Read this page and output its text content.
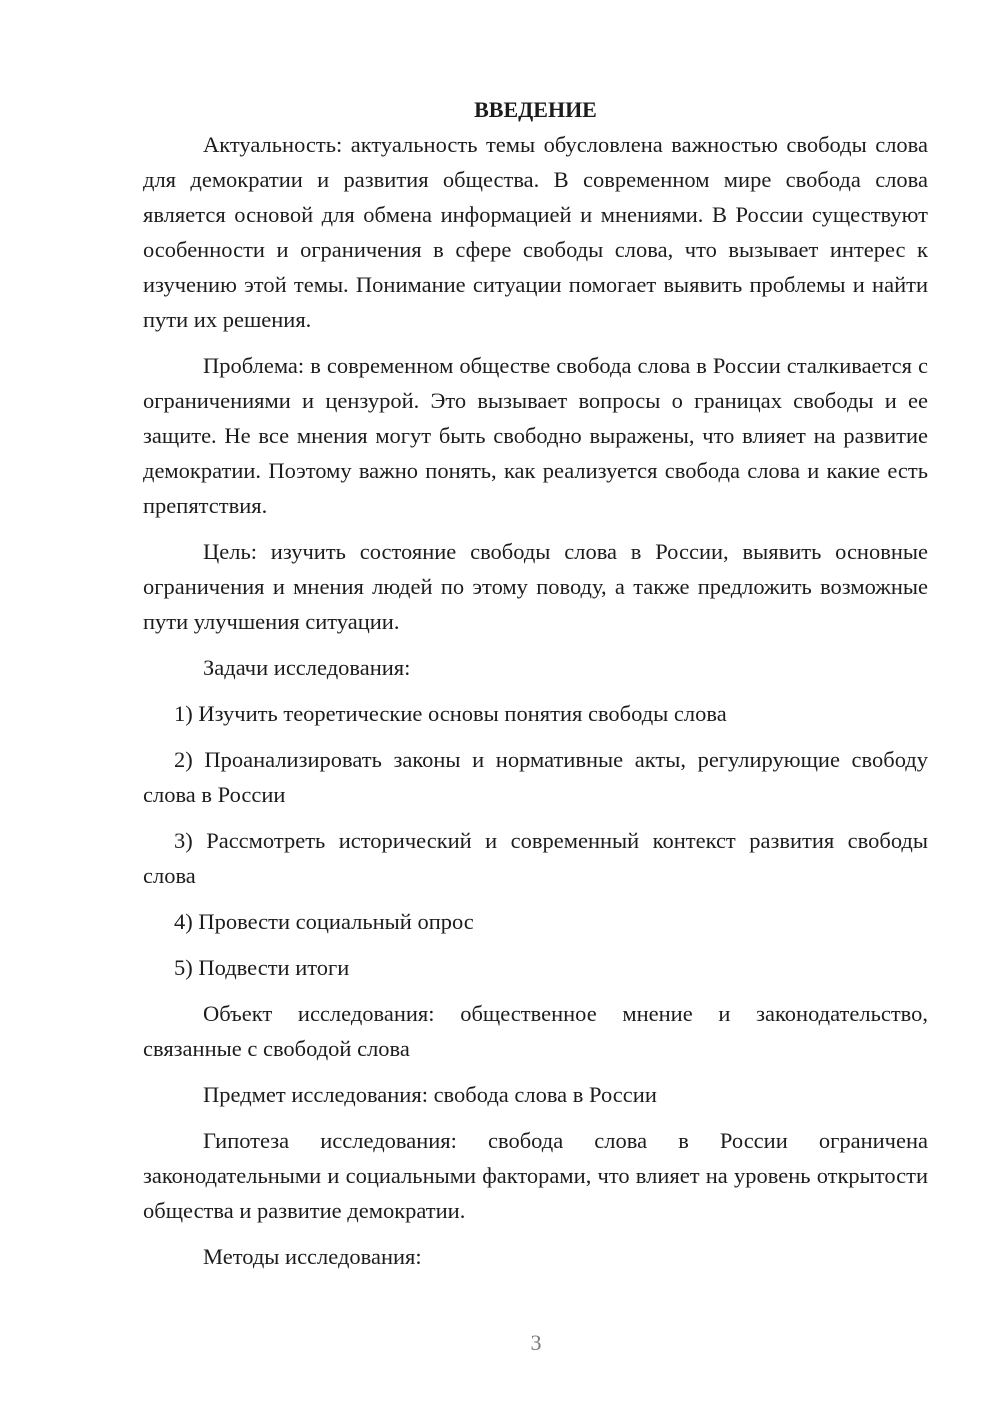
ВВЕДЕНИЕ

Актуальность: актуальность темы обусловлена важностью свободы слова для демократии и развития общества. В современном мире свобода слова является основой для обмена информацией и мнениями. В России существуют особенности и ограничения в сфере свободы слова, что вызывает интерес к изучению этой темы. Понимание ситуации помогает выявить проблемы и найти пути их решения.

Проблема: в современном обществе свобода слова в России сталкивается с ограничениями и цензурой. Это вызывает вопросы о границах свободы и ее защите. Не все мнения могут быть свободно выражены, что влияет на развитие демократии. Поэтому важно понять, как реализуется свобода слова и какие есть препятствия.

Цель: изучить состояние свободы слова в России, выявить основные ограничения и мнения людей по этому поводу, а также предложить возможные пути улучшения ситуации.

Задачи исследования:

1) Изучить теоретические основы понятия свободы слова

2) Проанализировать законы и нормативные акты, регулирующие свободу слова в России

3) Рассмотреть исторический и современный контекст развития свободы слова

4) Провести социальный опрос

5) Подвести итоги

Объект исследования: общественное мнение и законодательство, связанные с свободой слова

Предмет исследования: свобода слова в России

Гипотеза исследования: свобода слова в России ограничена законодательными и социальными факторами, что влияет на уровень открытости общества и развитие демократии.

Методы исследования:

3
